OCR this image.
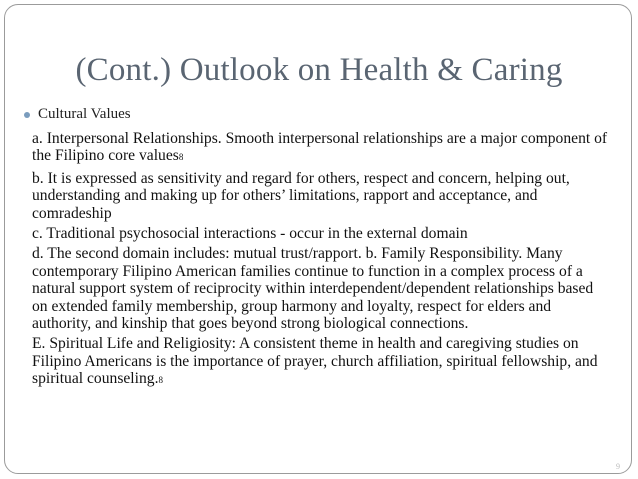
(Cont.) Outlook on Health & Caring
Cultural Values

a. Interpersonal Relationships. Smooth interpersonal relationships are a major component of the Filipino core values8

b. It is expressed as sensitivity and regard for others, respect and concern, helping out, understanding and making up for others’ limitations, rapport and acceptance, and comradeship

c. Traditional psychosocial interactions - occur in the external domain

d. The second domain includes: mutual trust/rapport. b. Family Responsibility. Many contemporary Filipino American families continue to function in a complex process of a natural support system of reciprocity within interdependent/dependent relationships based on extended family membership, group harmony and loyalty, respect for elders and authority, and kinship that goes beyond strong biological connections.

E. Spiritual Life and Religiosity: A consistent theme in health and caregiving studies on Filipino Americans is the importance of prayer, church affiliation, spiritual fellowship, and spiritual counseling.8

9
